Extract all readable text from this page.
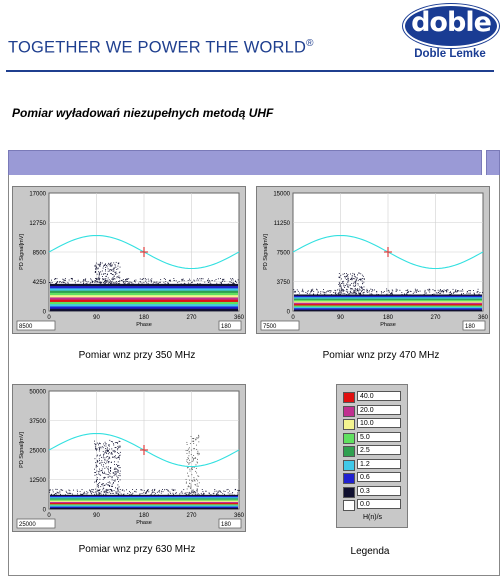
doble
Doble Lemke
TOGETHER WE POWER THE WORLD®
Pomiar wyładowań niezupełnych metodą UHF
17000
12750
8500
4250
0
0	90	180	270	360
PD Signal[mV]
Phase
8500	180
Pomiar wnz przy 350 MHz
15000
11250
7500
3750
0
0	90	180	270	360
PD Signal[mV]
Phase
7500	180
Pomiar wnz przy 470 MHz
50000
37500
25000
12500
0
0	90	180	270	360
PD Signal[mV]
Phase
25000	180
Pomiar wnz przy 630 MHz
40.0
20.0
10.0
5.0
2.5
1.2
0.6
0.3
0.0
H(n)/s
Legenda
